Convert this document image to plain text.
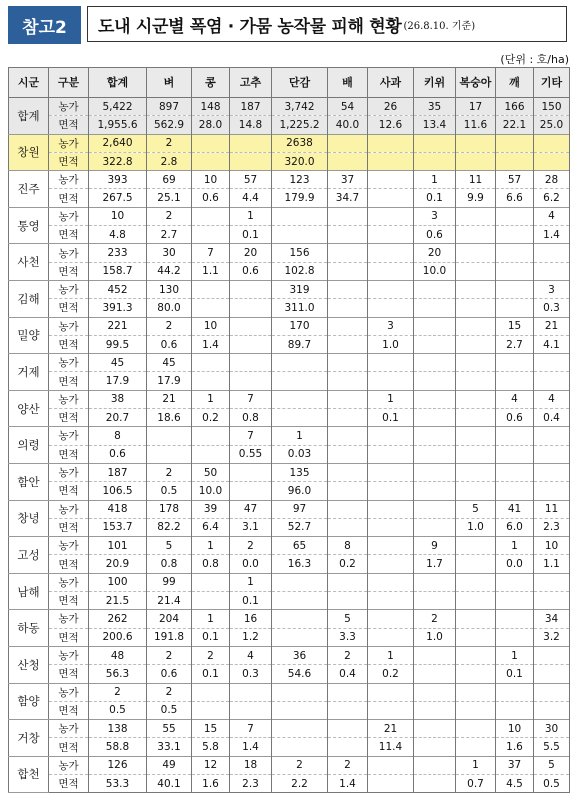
참고2	도내 시군별 폭염 · 가뭄 농작물 피해 현황 (26.8.10. 기준)
(단위 : 호/ha)
시군	구분	합계	벼	콩	고추	단감	배	사과	키위	복숭아	깨	기타
합계	농가	5,422	897	148	187	3,742	54	26	35	17	166	150
	면적	1,955.6	562.9	28.0	14.8	1,225.2	40.0	12.6	13.4	11.6	22.1	25.0
창원	농가	2,640	2			2638						
	면적	322.8	2.8			320.0						
진주	농가	393	69	10	57	123	37		1	11	57	28
	면적	267.5	25.1	0.6	4.4	179.9	34.7		0.1	9.9	6.6	6.2
통영	농가	10	2		1				3			4
	면적	4.8	2.7		0.1				0.6			1.4
사천	농가	233	30	7	20	156			20			
	면적	158.7	44.2	1.1	0.6	102.8			10.0			
김해	농가	452	130			319						3
	면적	391.3	80.0			311.0						0.3
밀양	농가	221	2	10		170		3			15	21
	면적	99.5	0.6	1.4		89.7		1.0			2.7	4.1
거제	농가	45	45									
	면적	17.9	17.9									
양산	농가	38	21	1	7			1			4	4
	면적	20.7	18.6	0.2	0.8			0.1			0.6	0.4
의령	농가	8			7	1						
	면적	0.6			0.55	0.03						
함안	농가	187	2	50		135						
	면적	106.5	0.5	10.0		96.0						
창녕	농가	418	178	39	47	97				5	41	11
	면적	153.7	82.2	6.4	3.1	52.7				1.0	6.0	2.3
고성	농가	101	5	1	2	65	8		9		1	10
	면적	20.9	0.8	0.8	0.0	16.3	0.2		1.7		0.0	1.1
남해	농가	100	99		1							
	면적	21.5	21.4		0.1							
하동	농가	262	204	1	16		5		2			34
	면적	200.6	191.8	0.1	1.2		3.3		1.0			3.2
산청	농가	48	2	2	4	36	2	1			1	
	면적	56.3	0.6	0.1	0.3	54.6	0.4	0.2			0.1	
함양	농가	2	2									
	면적	0.5	0.5									
거창	농가	138	55	15	7			21			10	30
	면적	58.8	33.1	5.8	1.4			11.4			1.6	5.5
합천	농가	126	49	12	18	2	2			1	37	5
	면적	53.3	40.1	1.6	2.3	2.2	1.4			0.7	4.5	0.5
